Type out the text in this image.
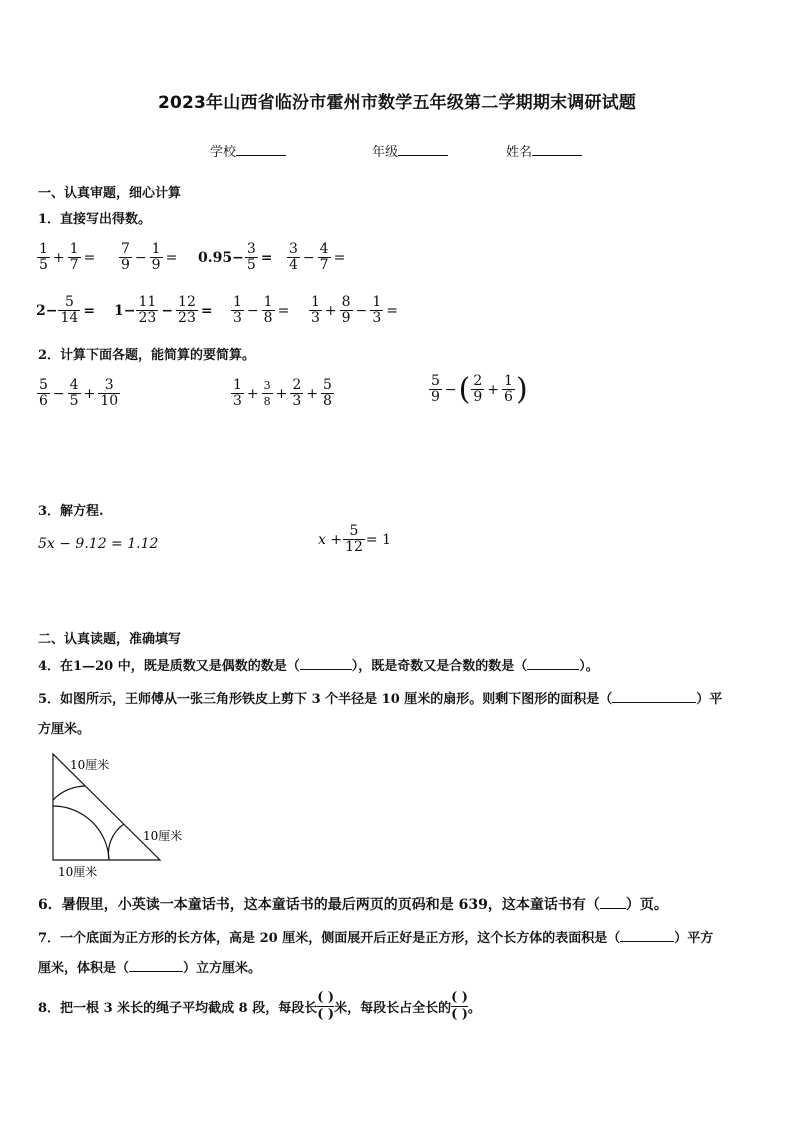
2023年山西省临汾市霍州市数学五年级第二学期期末调研试题
学校	年级	姓名
一、认真审题，细心计算
1．直接写出得数。
$\frac{1}{5} + \frac{1}{7} = \frac{7}{9} - \frac{1}{9} = 0.95- \frac{3}{5} = \frac{3}{4} - \frac{4}{7}$ =
$2- \frac{5}{14} = 1- \frac{11}{23} - \frac{12}{23} = \frac{1}{3} - \frac{1}{8} = \frac{1}{3} + \frac{8}{9} - \frac{1}{3}$ =
2．计算下面各题，能简算的要简算。
$\frac{5}{6} - \frac{4}{5} + \frac{3}{10}$	$\frac{1}{3} + \frac{3}{8} + \frac{2}{3} + \frac{5}{8}$	$\frac{5}{9}$ − ( $\frac{2}{9} + \frac{1}{6}$ )
3．解方程.
5x − 9.12 = 1.12	$x + \frac{5}{12} = 1$
二、认真读题，准确填写
4．在1—20 中，既是质数又是偶数的数是（	），既是奇数又是合数的数是（	）。
5．如图所示，王师傅从一张三角形铁皮上剪下 3 个半径是 10 厘米的扇形。则剩下图形的面积是（	）平
方厘米。
10厘米
10厘米
10厘米
6．暑假里，小英读一本童话书，这本童话书的最后两页的页码和是 639，这本童话书有（ ）页。
7．一个底面为正方形的长方体，高是 20 厘米，侧面展开后正好是正方形，这个长方体的表面积是（	）平方
厘米，体积是（	）立方厘米。
8．把一根 3 米长的绳子平均截成 8 段，每段长
( )
( ) 米，每段长占全长的
( )
( ) 。
